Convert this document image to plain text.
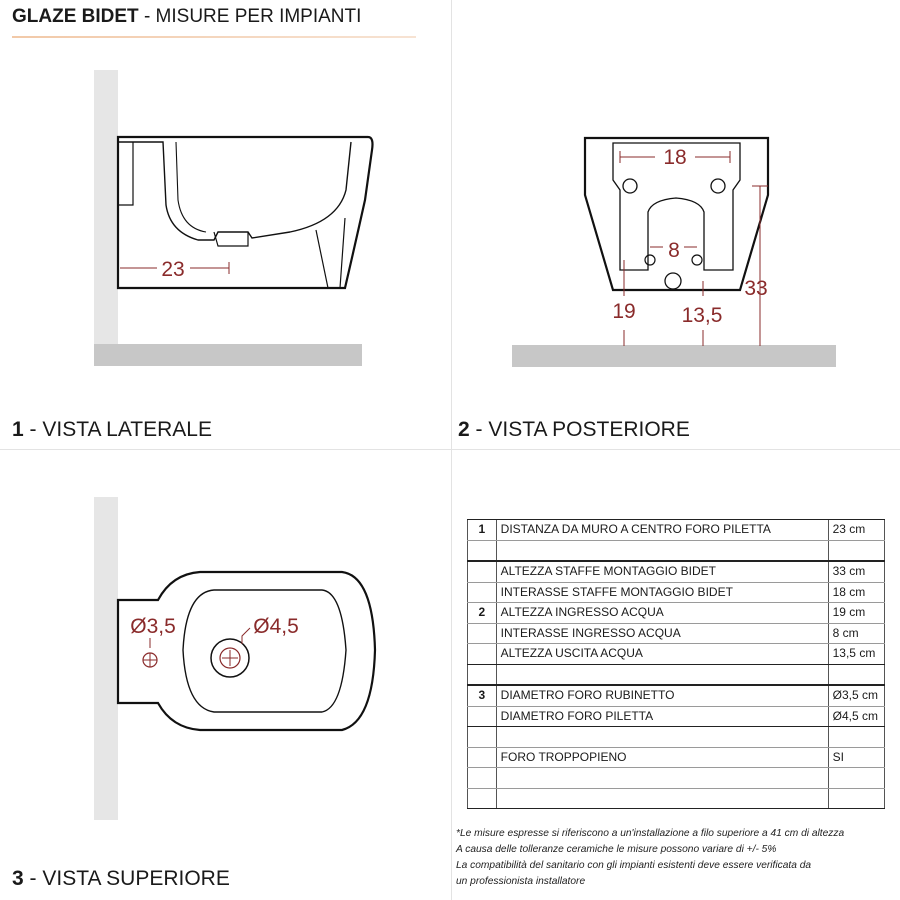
GLAZE BIDET - MISURE PER IMPIANTI
23
18
8
33
19 13,5
Ø3,5	Ø4,5
1 - VISTA LATERALE	2 - VISTA POSTERIORE
3 - VISTA SUPERIORE
1	DISTANZA DA MURO A CENTRO FORO PILETTA	23 cm
ALTEZZA STAFFE MONTAGGIO BIDET	33 cm
INTERASSE STAFFE MONTAGGIO BIDET	18 cm
2	ALTEZZA INGRESSO ACQUA	19 cm
INTERASSE INGRESSO ACQUA	8 cm
ALTEZZA USCITA ACQUA	13,5 cm
3	DIAMETRO FORO RUBINETTO	Ø3,5 cm
DIAMETRO FORO PILETTA	Ø4,5 cm
FORO TROPPOPIENO	SI
*Le misure espresse si riferiscono a un'installazione a filo superiore a 41 cm di altezza
A causa delle tolleranze ceramiche le misure possono variare di +/- 5%
La compatibilità del sanitario con gli impianti esistenti deve essere verificata da
un professionista installatore
